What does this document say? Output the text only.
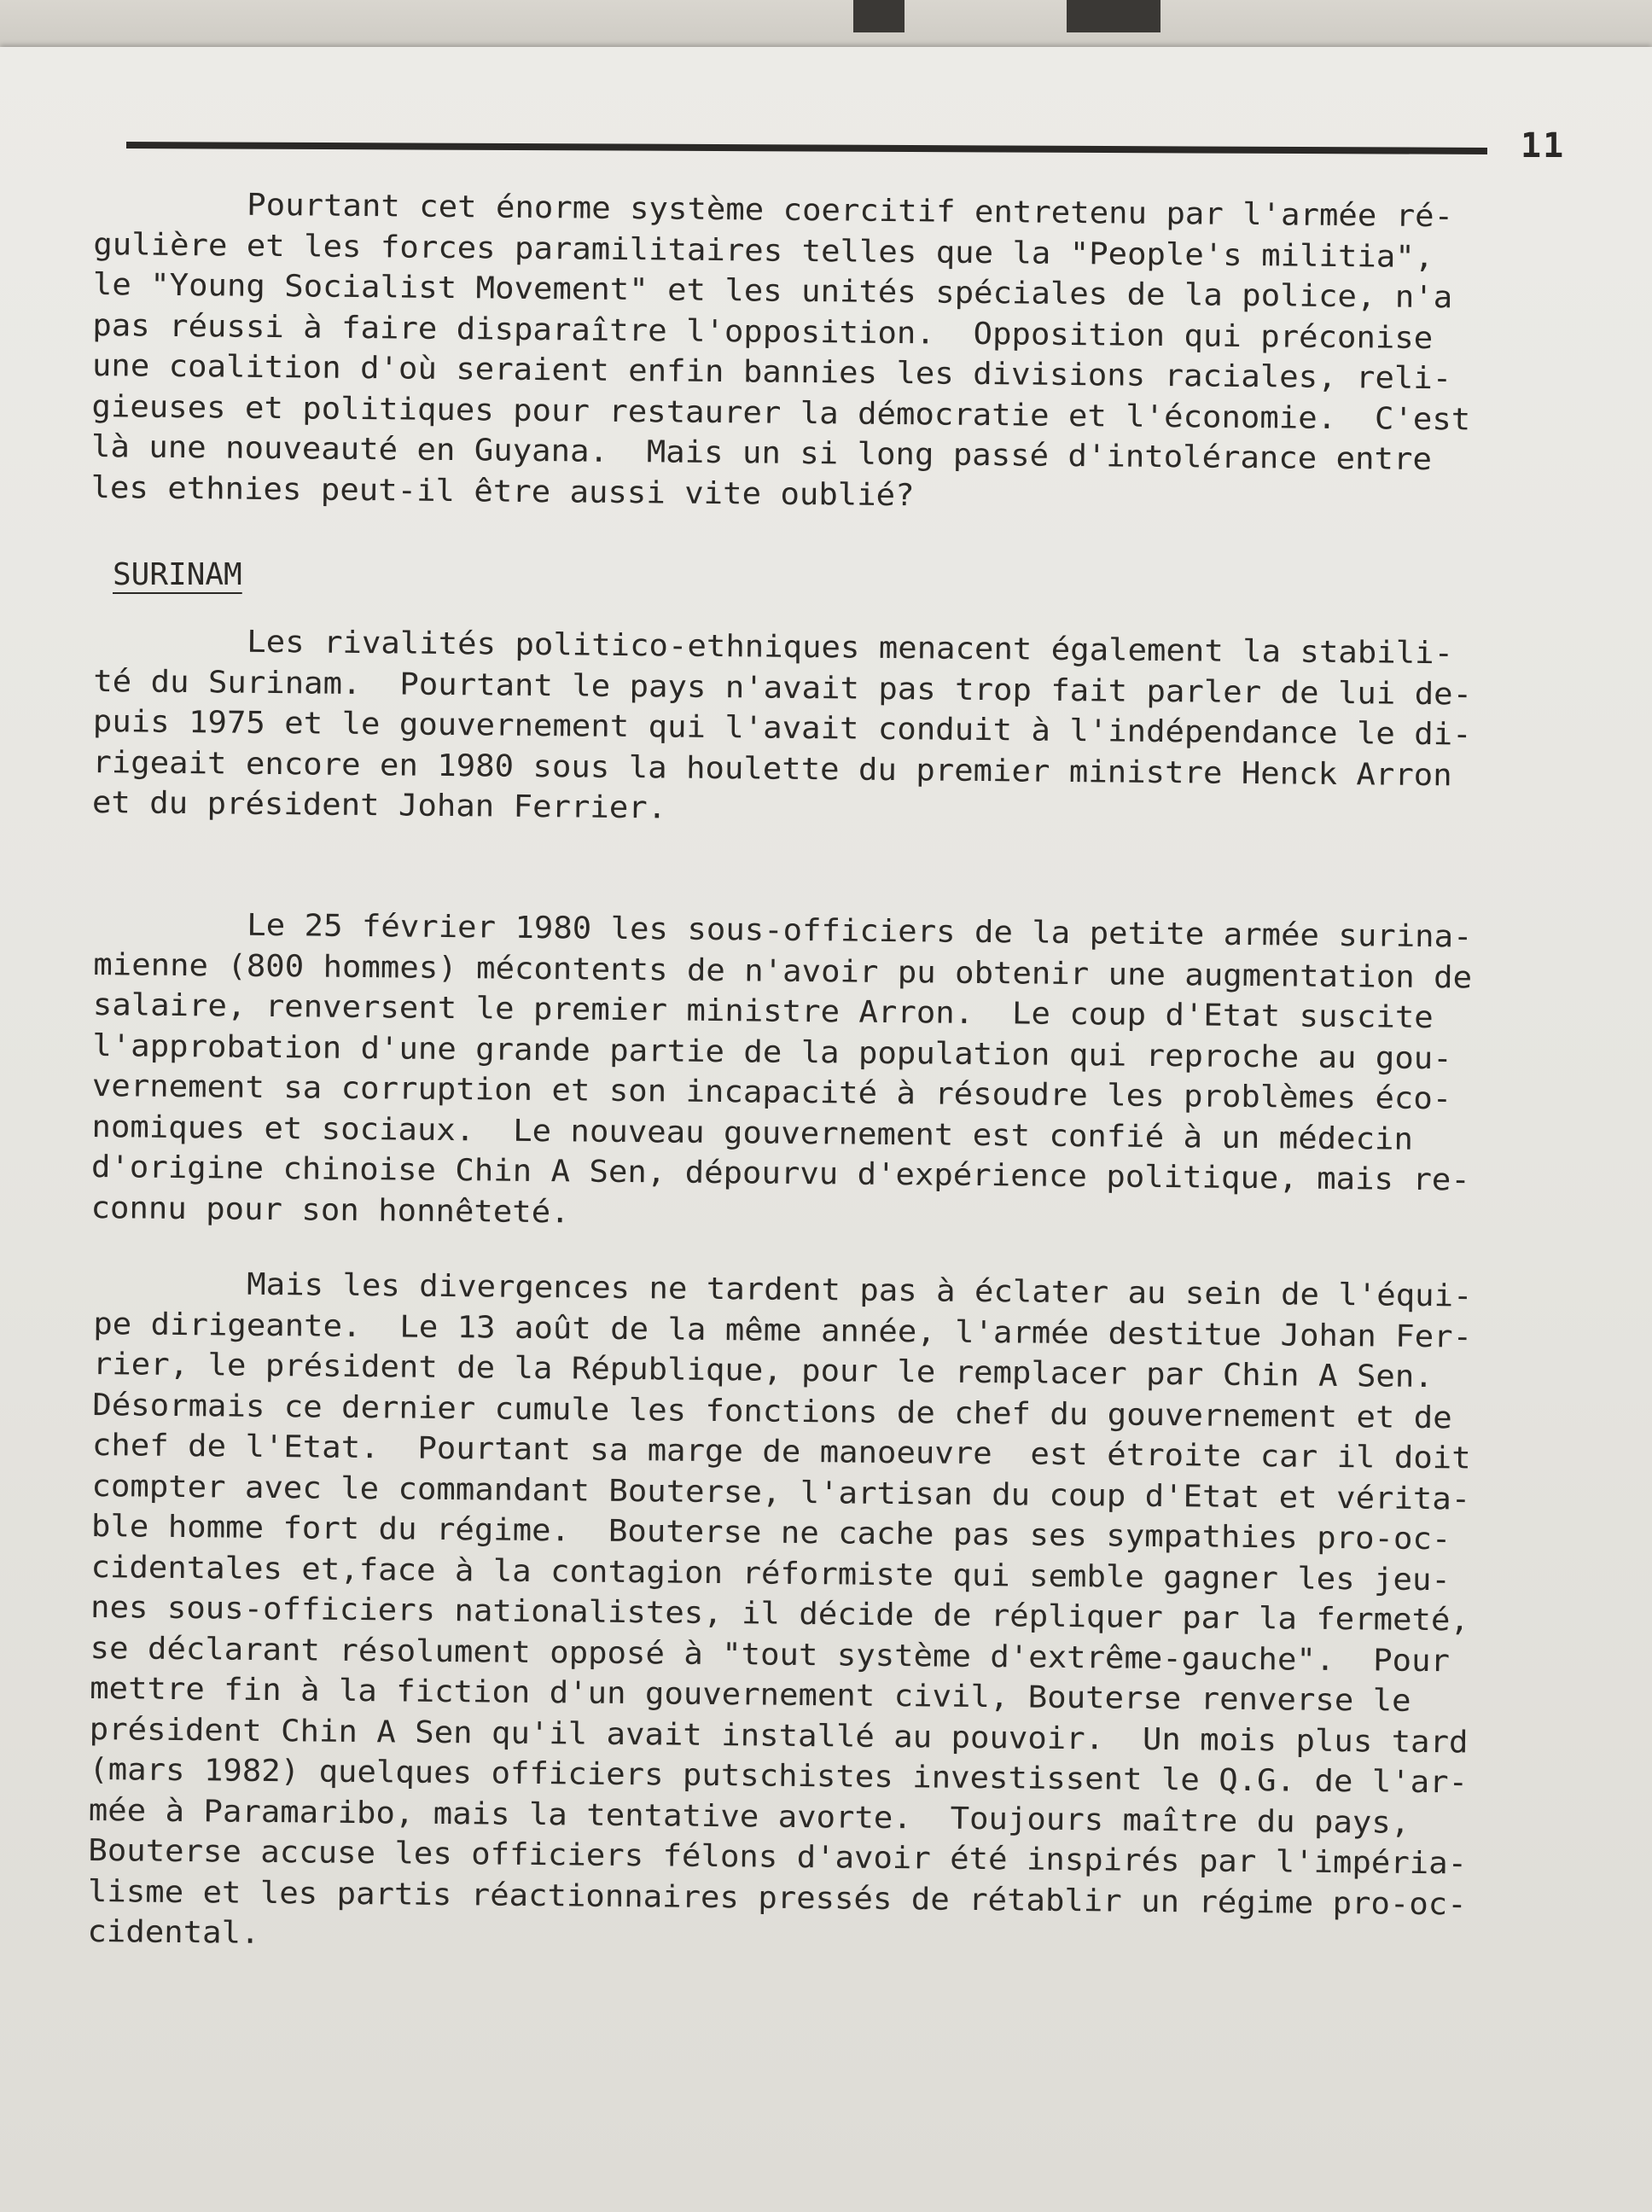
11
Pourtant cet énorme système coercitif entretenu par l'armée ré-
gulière et les forces paramilitaires telles que la "People's militia",
le "Young Socialist Movement" et les unités spéciales de la police, n'a
pas réussi à faire disparaître l'opposition.  Opposition qui préconise
une coalition d'où seraient enfin bannies les divisions raciales, reli-
gieuses et politiques pour restaurer la démocratie et l'économie.  C'est
là une nouveauté en Guyana.  Mais un si long passé d'intolérance entre
les ethnies peut-il être aussi vite oublié?
SURINAM
Les rivalités politico-ethniques menacent également la stabili-
té du Surinam.  Pourtant le pays n'avait pas trop fait parler de lui de-
puis 1975 et le gouvernement qui l'avait conduit à l'indépendance le di-
rigeait encore en 1980 sous la houlette du premier ministre Henck Arron
et du président Johan Ferrier.
Le 25 février 1980 les sous-officiers de la petite armée surina-
mienne (800 hommes) mécontents de n'avoir pu obtenir une augmentation de
salaire, renversent le premier ministre Arron.  Le coup d'Etat suscite
l'approbation d'une grande partie de la population qui reproche au gou-
vernement sa corruption et son incapacité à résoudre les problèmes éco-
nomiques et sociaux.  Le nouveau gouvernement est confié à un médecin
d'origine chinoise Chin A Sen, dépourvu d'expérience politique, mais re-
connu pour son honnêteté.
Mais les divergences ne tardent pas à éclater au sein de l'équi-
pe dirigeante.  Le 13 août de la même année, l'armée destitue Johan Fer-
rier, le président de la République, pour le remplacer par Chin A Sen.
Désormais ce dernier cumule les fonctions de chef du gouvernement et de
chef de l'Etat.  Pourtant sa marge de manoeuvre  est étroite car il doit
compter avec le commandant Bouterse, l'artisan du coup d'Etat et vérita-
ble homme fort du régime.  Bouterse ne cache pas ses sympathies pro-oc-
cidentales et,face à la contagion réformiste qui semble gagner les jeu-
nes sous-officiers nationalistes, il décide de répliquer par la fermeté,
se déclarant résolument opposé à "tout système d'extrême-gauche".  Pour
mettre fin à la fiction d'un gouvernement civil, Bouterse renverse le
président Chin A Sen qu'il avait installé au pouvoir.  Un mois plus tard
(mars 1982) quelques officiers putschistes investissent le Q.G. de l'ar-
mée à Paramaribo, mais la tentative avorte.  Toujours maître du pays,
Bouterse accuse les officiers félons d'avoir été inspirés par l'impéria-
lisme et les partis réactionnaires pressés de rétablir un régime pro-oc-
cidental.
